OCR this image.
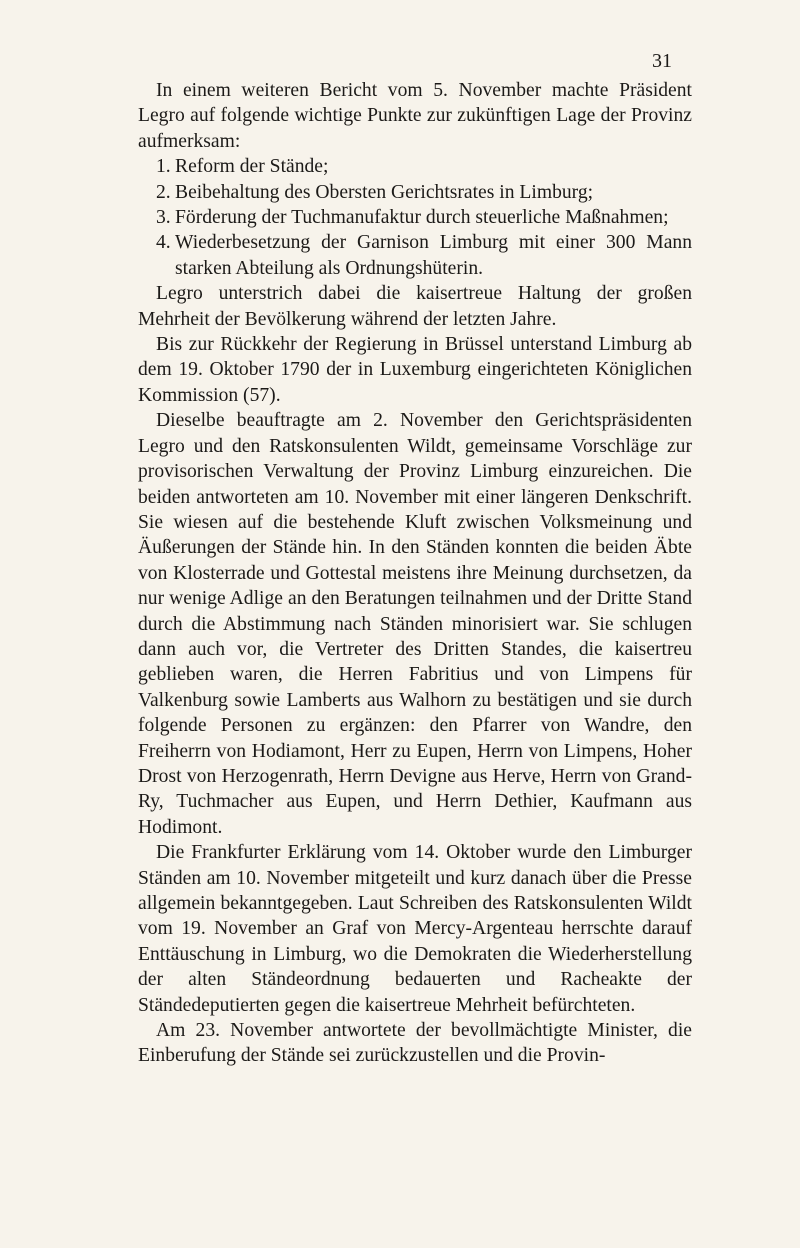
31

In einem weiteren Bericht vom 5. November machte Präsident Legro auf folgende wichtige Punkte zur zukünftigen Lage der Provinz aufmerksam:

1. Reform der Stände;
2. Beibehaltung des Obersten Gerichtsrates in Limburg;
3. Förderung der Tuchmanufaktur durch steuerliche Maßnahmen;
4. Wiederbesetzung der Garnison Limburg mit einer 300 Mann starken Abteilung als Ordnungshüterin.

Legro unterstrich dabei die kaisertreue Haltung der großen Mehrheit der Bevölkerung während der letzten Jahre.

Bis zur Rückkehr der Regierung in Brüssel unterstand Limburg ab dem 19. Oktober 1790 der in Luxemburg eingerichteten Königlichen Kommission (57).

Dieselbe beauftragte am 2. November den Gerichtspräsidenten Legro und den Ratskonsulenten Wildt, gemeinsame Vorschläge zur provisorischen Verwaltung der Provinz Limburg einzureichen. Die beiden antworteten am 10. November mit einer längeren Denkschrift. Sie wiesen auf die bestehende Kluft zwischen Volksmeinung und Äußerungen der Stände hin. In den Ständen konnten die beiden Äbte von Klosterrade und Gottestal meistens ihre Meinung durchsetzen, da nur wenige Adlige an den Beratungen teilnahmen und der Dritte Stand durch die Abstimmung nach Ständen minorisiert war. Sie schlugen dann auch vor, die Vertreter des Dritten Standes, die kaisertreu geblieben waren, die Herren Fabritius und von Limpens für Valkenburg sowie Lamberts aus Walhorn zu bestätigen und sie durch folgende Personen zu ergänzen: den Pfarrer von Wandre, den Freiherrn von Hodiamont, Herr zu Eupen, Herrn von Limpens, Hoher Drost von Herzogenrath, Herrn Devigne aus Herve, Herrn von Grand-Ry, Tuchmacher aus Eupen, und Herrn Dethier, Kaufmann aus Hodimont.

Die Frankfurter Erklärung vom 14. Oktober wurde den Limburger Ständen am 10. November mitgeteilt und kurz danach über die Presse allgemein bekanntgegeben. Laut Schreiben des Ratskonsulenten Wildt vom 19. November an Graf von Mercy-Argenteau herrschte darauf Enttäuschung in Limburg, wo die Demokraten die Wiederherstellung der alten Ständeordnung bedauerten und Racheakte der Ständedeputierten gegen die kaisertreue Mehrheit befürchteten.

Am 23. November antwortete der bevollmächtigte Minister, die Einberufung der Stände sei zurückzustellen und die Provin-
